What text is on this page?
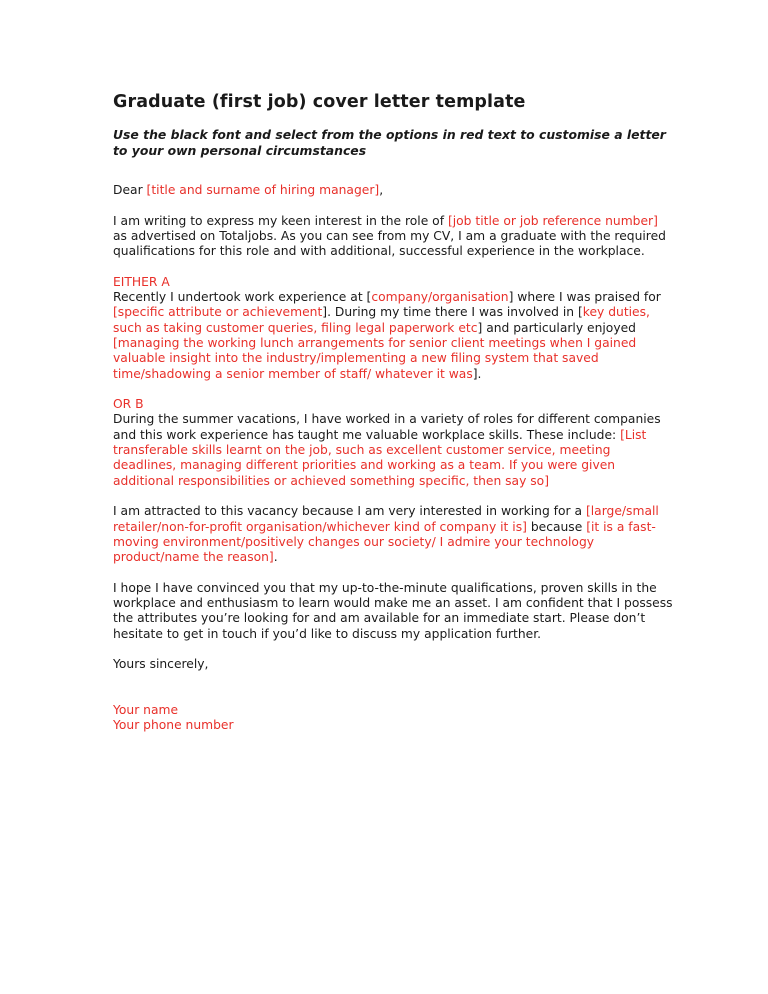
Graduate (first job) cover letter template
Use the black font and select from the options in red text to customise a letter to your own personal circumstances

Dear [title and surname of hiring manager],

I am writing to express my keen interest in the role of [job title or job reference number] as advertised on Totaljobs. As you can see from my CV, I am a graduate with the required qualifications for this role and with additional, successful experience in the workplace.

EITHER A
Recently I undertook work experience at [company/organisation] where I was praised for [specific attribute or achievement]. During my time there I was involved in [key duties, such as taking customer queries, filing legal paperwork etc] and particularly enjoyed [managing the working lunch arrangements for senior client meetings when I gained valuable insight into the industry/implementing a new filing system that saved time/shadowing a senior member of staff/ whatever it was].

OR B
During the summer vacations, I have worked in a variety of roles for different companies and this work experience has taught me valuable workplace skills. These include: [List transferable skills learnt on the job, such as excellent customer service, meeting deadlines, managing different priorities and working as a team. If you were given additional responsibilities or achieved something specific, then say so]

I am attracted to this vacancy because I am very interested in working for a [large/small retailer/non-for-profit organisation/whichever kind of company it is] because [it is a fast-moving environment/positively changes our society/ I admire your technology product/name the reason].

I hope I have convinced you that my up-to-the-minute qualifications, proven skills in the workplace and enthusiasm to learn would make me an asset. I am confident that I possess the attributes you’re looking for and am available for an immediate start. Please don’t hesitate to get in touch if you’d like to discuss my application further.

Yours sincerely,

Your name
Your phone number
